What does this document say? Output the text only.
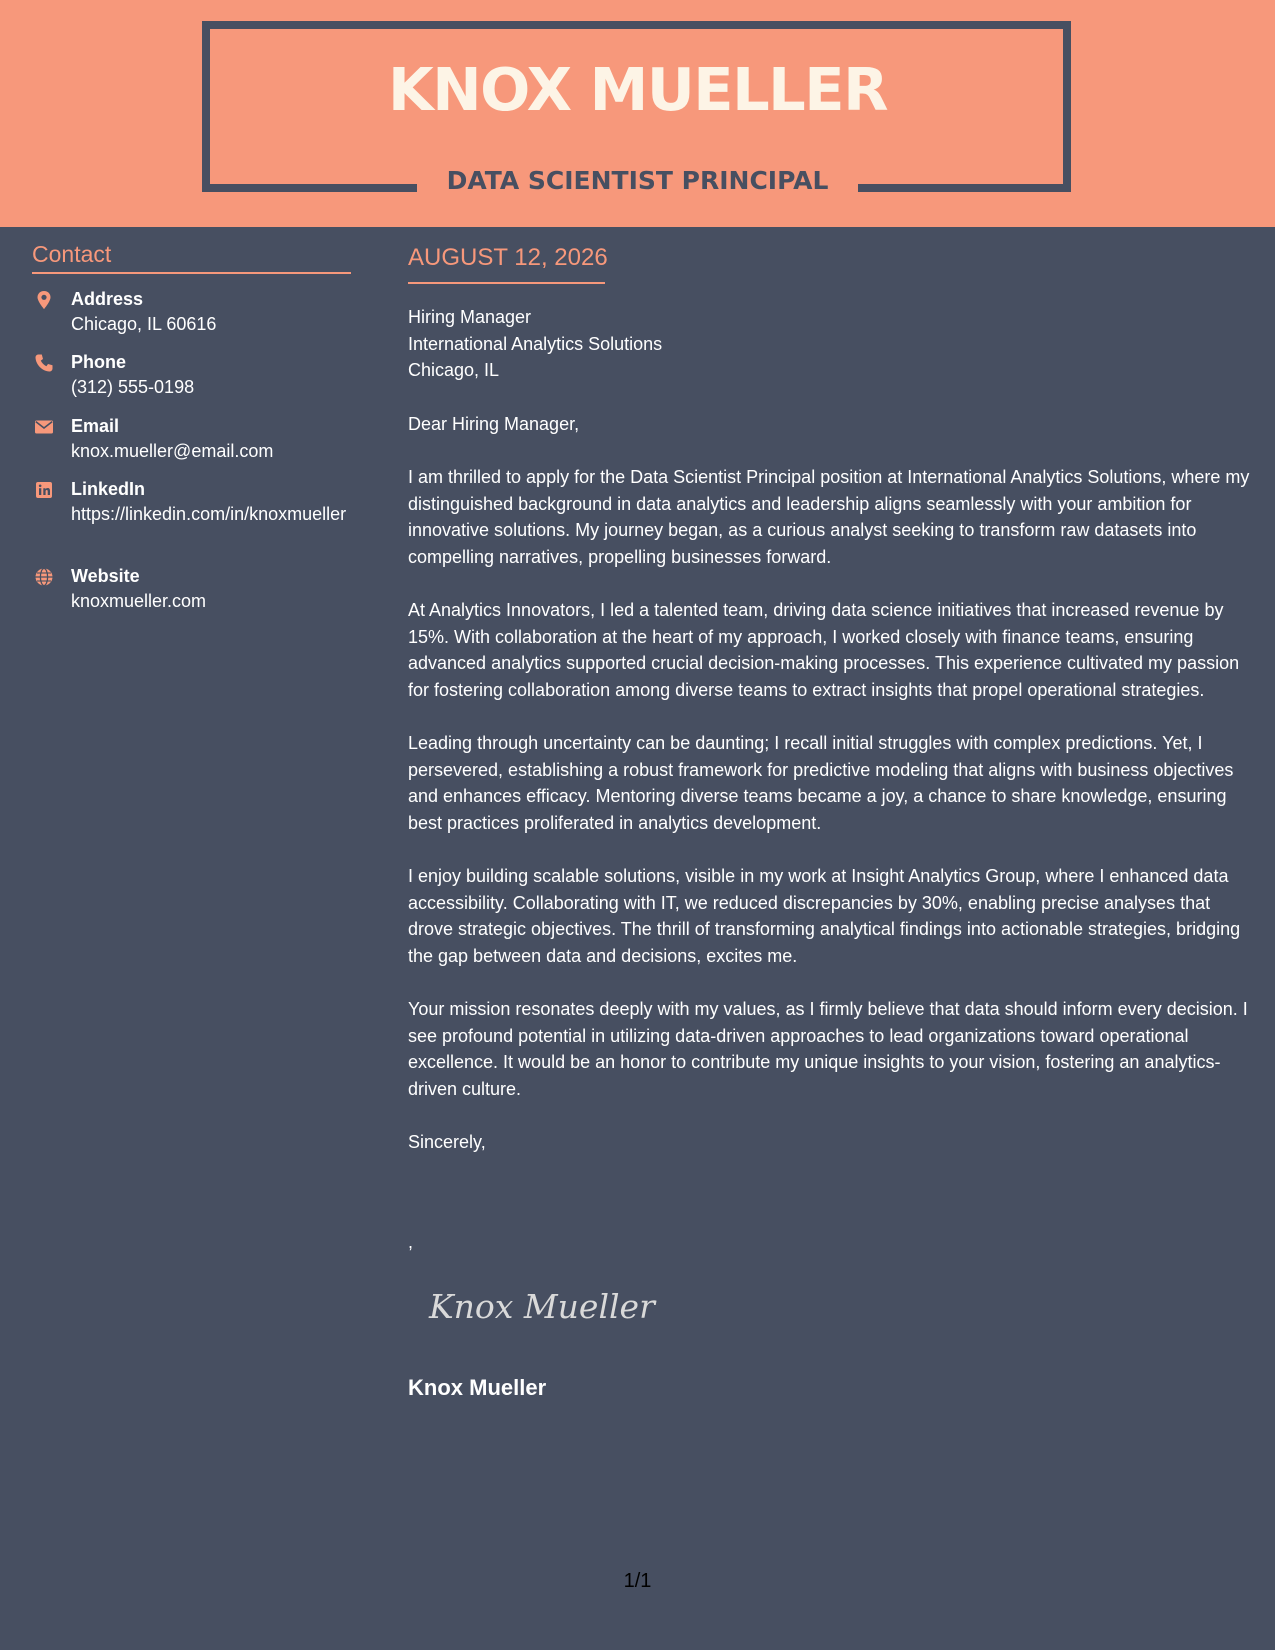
KNOX MUELLER
DATA SCIENTIST PRINCIPAL
Contact
Address
Chicago, IL 60616
Phone
(312) 555-0198
Email
knox.mueller@email.com
LinkedIn
https://linkedin.com/in/knoxmueller
Website
knoxmueller.com
AUGUST 12, 2026

Hiring Manager

International Analytics Solutions

Chicago, IL

Dear Hiring Manager,

I am thrilled to apply for the Data Scientist Principal position at International Analytics Solutions, where my distinguished background in data analytics and leadership aligns seamlessly with your ambition for innovative solutions. My journey began, as a curious analyst seeking to transform raw datasets into compelling narratives, propelling businesses forward.

At Analytics Innovators, I led a talented team, driving data science initiatives that increased revenue by 15%. With collaboration at the heart of my approach, I worked closely with finance teams, ensuring advanced analytics supported crucial decision-making processes. This experience cultivated my passion for fostering collaboration among diverse teams to extract insights that propel operational strategies.

Leading through uncertainty can be daunting; I recall initial struggles with complex predictions. Yet, I persevered, establishing a robust framework for predictive modeling that aligns with business objectives and enhances efficacy. Mentoring diverse teams became a joy, a chance to share knowledge, ensuring best practices proliferated in analytics development.

I enjoy building scalable solutions, visible in my work at Insight Analytics Group, where I enhanced data accessibility. Collaborating with IT, we reduced discrepancies by 30%, enabling precise analyses that drove strategic objectives. The thrill of transforming analytical findings into actionable strategies, bridging the gap between data and decisions, excites me.

Your mission resonates deeply with my values, as I firmly believe that data should inform every decision. I see profound potential in utilizing data-driven approaches to lead organizations toward operational excellence. It would be an honor to contribute my unique insights to your vision, fostering an analytics-driven culture.

Sincerely,

,
Knox Mueller
Knox Mueller
1/1
